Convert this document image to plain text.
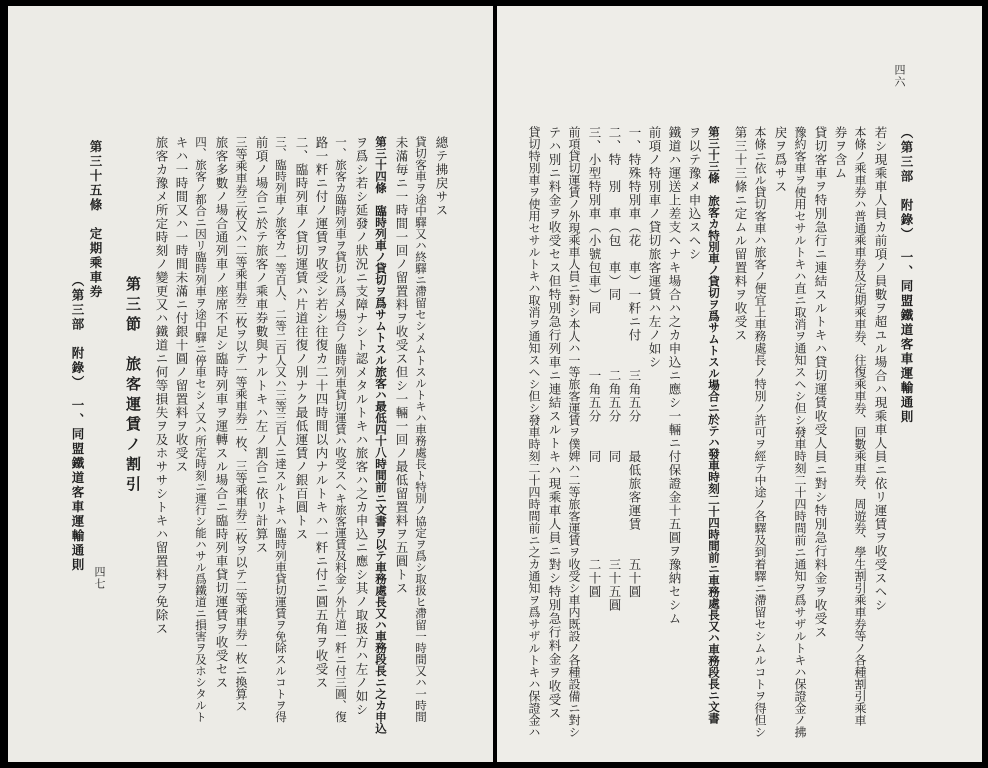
四七
（第三部　附錄）　一、同盟鐵道客車運輸通則
第三十五條　定期乘車券
第三節　旅客運賃ノ割引 旅客カ豫メ所定時刻ノ變更又ハ鐵道ニ何等損失ヲ及ホササシトキハ留置料ヲ免除ス キハ一時間又ハ一時間未滿ニ付銀十圓ノ留置料ヲ收受ス 四、旅客ノ都合ニ因リ臨時列車ヲ途中驛ニ停車セシメ又ハ所定時刻ニ運行シ能ハサル爲鐵道ニ損害ヲ及ホシタルト 旅客多數ノ場合通列車ノ座席不足シ臨時列車ヲ運轉スル場合ニ臨時列車貸切運賃ヲ收受セス 三等乘車券三枚又ハ二等乘車券二枚ヲ以テ一等乘車券一枚、三等乘車券二枚ヲ以テ二等乘車券一枚ニ換算ス 前項ノ場合ニ於テ旅客ノ乘車券數與ナルトキハ左ノ割合ニ依リ計算ス 三、臨時列車ノ旅客カ一等百人、二等二百人又ハ三等三百人ニ達スルトキハ臨時列車貸切運賃ヲ免除スルコトヲ得 二、臨時列車ノ貸切運賃ハ片道往復ノ別ナク最低運賃ノ銀百圓トス 路一粁ニ付ノ運賃ヲ收受シ若シ往復カ二十四時間以内ナルトキハ一粁ニ付ニ圓五角ヲ收受ス 一、旅客カ臨時列車ヲ貸切ル爲メ場合ノ臨時列車貸切運賃ハ收受スヘキ旅客運賃及料金ノ外片道一粁ニ付三圓、復 ヲ爲シ若シ延發ノ狀況ニ支障ナシト認メタルトキハ旅客ハ之カ申込ニ應シ其ノ取扱方ハ左ノ如シ 第三十四條　臨時列車ノ貸切ヲ爲サムトスル旅客ハ最低四十八時間前ニ文書ヲ以テ車務處長又ハ車務段長ニ之カ申込 未滿毎ニ一時間一回ノ留置料ヲ收受ス但シ一輛一回ノ最低留置料ヲ五圓トス 貸切客車ヲ途中驛又ハ終驛ニ滯留セシメムトスルトキハ車務處長ト特別ノ協定ヲ爲シ取扱ヒ滯留一時間又ハ一時間 總テ拂戻サス
四六
（第三部　附錄）　一、同盟鐵道客車運輸通則
貸切特別車ヲ使用セサルトキハ取消ヲ通知スヘシ但シ發車時刻二十四時間前ニ之カ通知ヲ爲サザルトキハ保證金ハ テハ別ニ料金ヲ收受セス但特別急行列車ニ連結スルトキハ現乘車人員ニ對シ特別急行料金ヲ收受ス 前項貸切運賃ノ外現乘車人員ニ對シ本人ハ一等旅客運賃ヲ僕婢ハ二等旅客運賃ヲ收受シ車内既設ノ各種設備ニ對シ 三、小型特別車（小號包車）同　　　　一角五分　　同　　　　　　　二十圓 二、特　別　車（包　車）同　　　　　二角五分　　同　　　　　　　三十五圓 一、特殊特別車（花　車）一粁ニ付　　三角五分　　最低旅客運賃　　五十圓 前項ノ特別車ノ貸切旅客運賃ハ左ノ如シ 鐵道ハ運送上差支ヘナキ場合ハ之カ申込ニ應シ一輛ニ付保證金十五圓ヲ豫納セシム ヲ以テ豫メ申込スヘシ 第三十三條　旅客カ特別車ノ貸切ヲ爲サムトスル場合ニ於テハ發車時刻二十四時間前ニ車務處長又ハ車務段長ニ文書 第三十三條ニ定ムル留置料ヲ收受ス 本條ニ依ル貸切客車ハ旅客ノ便宜上車務處長ノ特別ノ許可ヲ經テ中途ノ各驛及到着驛ニ滯留セシムルコトヲ得但シ 戻ヲ爲サス 豫約客車ヲ使用セサルトキハ直ニ取消ヲ通知スヘシ但シ發車時刻二十四時間前ニ通知ヲ爲サザルトキハ保證金ノ拂 貸切客車ヲ特別急行ニ連結スルトキハ貸切運賃收受人員ニ對シ特別急行料金ヲ收受ス 券ヲ含ム 本條ノ乘車券ハ普通乘車券及定期乘車券、往復乘車券、回數乘車券、周遊券、學生割引乘車券等ノ各種割引乘車 若シ現乘車人員カ前項ノ員數ヲ超ユル場合ハ現乘車人員ニ依リ運賃ヲ收受スヘシ
